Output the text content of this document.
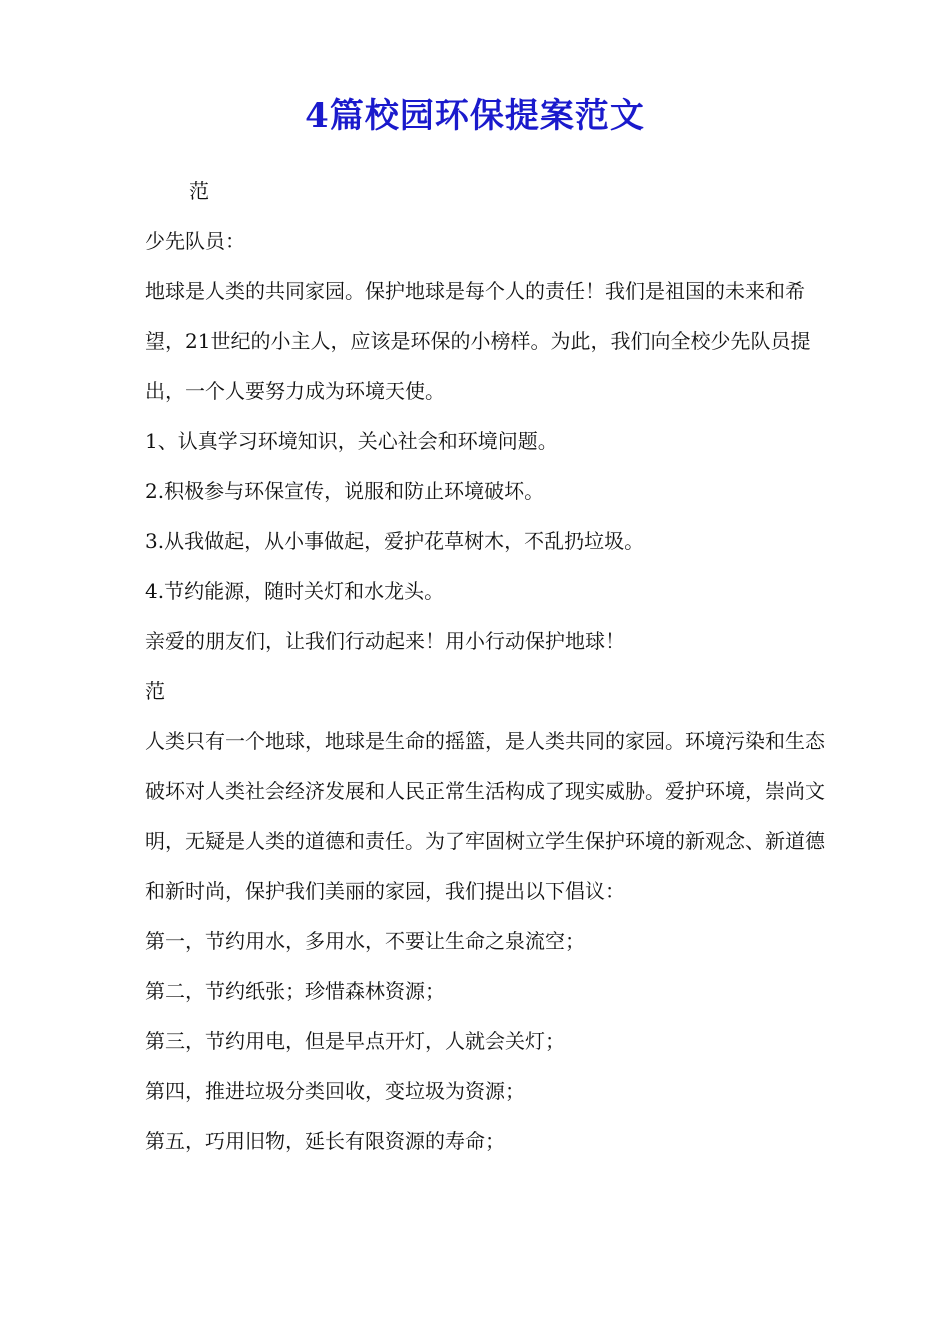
4篇校园环保提案范文

范

少先队员：

地球是人类的共同家园。保护地球是每个人的责任！我们是祖国的未来和希望，21世纪的小主人，应该是环保的小榜样。为此，我们向全校少先队员提出，一个人要努力成为环境天使。

1、认真学习环境知识，关心社会和环境问题。

2.积极参与环保宣传，说服和防止环境破坏。

3.从我做起，从小事做起，爱护花草树木，不乱扔垃圾。

4.节约能源，随时关灯和水龙头。

亲爱的朋友们，让我们行动起来！用小行动保护地球！

范

人类只有一个地球，地球是生命的摇篮，是人类共同的家园。环境污染和生态破坏对人类社会经济发展和人民正常生活构成了现实威胁。爱护环境，崇尚文明，无疑是人类的道德和责任。为了牢固树立学生保护环境的新观念、新道德和新时尚，保护我们美丽的家园，我们提出以下倡议：

第一，节约用水，多用水，不要让生命之泉流空；

第二，节约纸张；珍惜森林资源；

第三，节约用电，但是早点开灯，人就会关灯；

第四，推进垃圾分类回收，变垃圾为资源；

第五，巧用旧物，延长有限资源的寿命；
